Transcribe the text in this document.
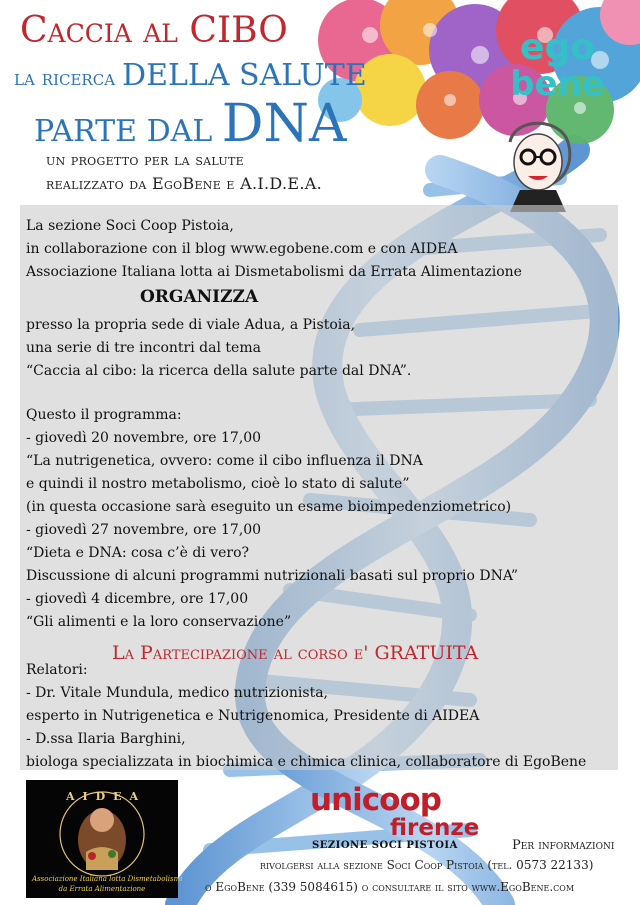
ego
bene
Caccia al CIBO
la ricerca DELLA SALUTE
PARTE DAL DNA
un progetto per la salute
realizzato da EgoBene e A.I.D.E.A.
La sezione Soci Coop Pistoia,
in collaborazione con il blog www.egobene.com e con AIDEA
Associazione Italiana lotta ai Dismetabolismi da Errata Alimentazione
ORGANIZZA
presso la propria sede di viale Adua, a Pistoia,
una serie di tre incontri dal tema
“Caccia al cibo: la ricerca della salute parte dal DNA”.
Questo il programma:
- giovedì 20 novembre, ore 17,00
“La nutrigenetica, ovvero: come il cibo influenza il DNA
e quindi il nostro metabolismo, cioè lo stato di salute”
(in questa occasione sarà eseguito un esame bioimpedenziometrico)
- giovedì 27 novembre, ore 17,00
“Dieta e DNA: cosa c’è di vero?
Discussione di alcuni programmi nutrizionali basati sul proprio DNA”
- giovedì 4 dicembre, ore 17,00
“Gli alimenti e la loro conservazione”
La Partecipazione al corso e' GRATUITA
Relatori:
- Dr. Vitale Mundula, medico nutrizionista,
esperto in Nutrigenetica e Nutrigenomica, Presidente di AIDEA
- D.ssa Ilaria Barghini,
biologa specializzata in biochimica e chimica clinica, collaboratore di EgoBene
A I D E A
Associazione Italiana lotta Dismetabolismi
da Errata Alimentazione
unicoop
firenze
SEZIONE SOCI PISTOIA	Per informazioni
rivolgersi alla sezione Soci Coop Pistoia (tel. 0573 22133)
o EgoBene (339 5084615) o consultare il sito www.EgoBene.com
